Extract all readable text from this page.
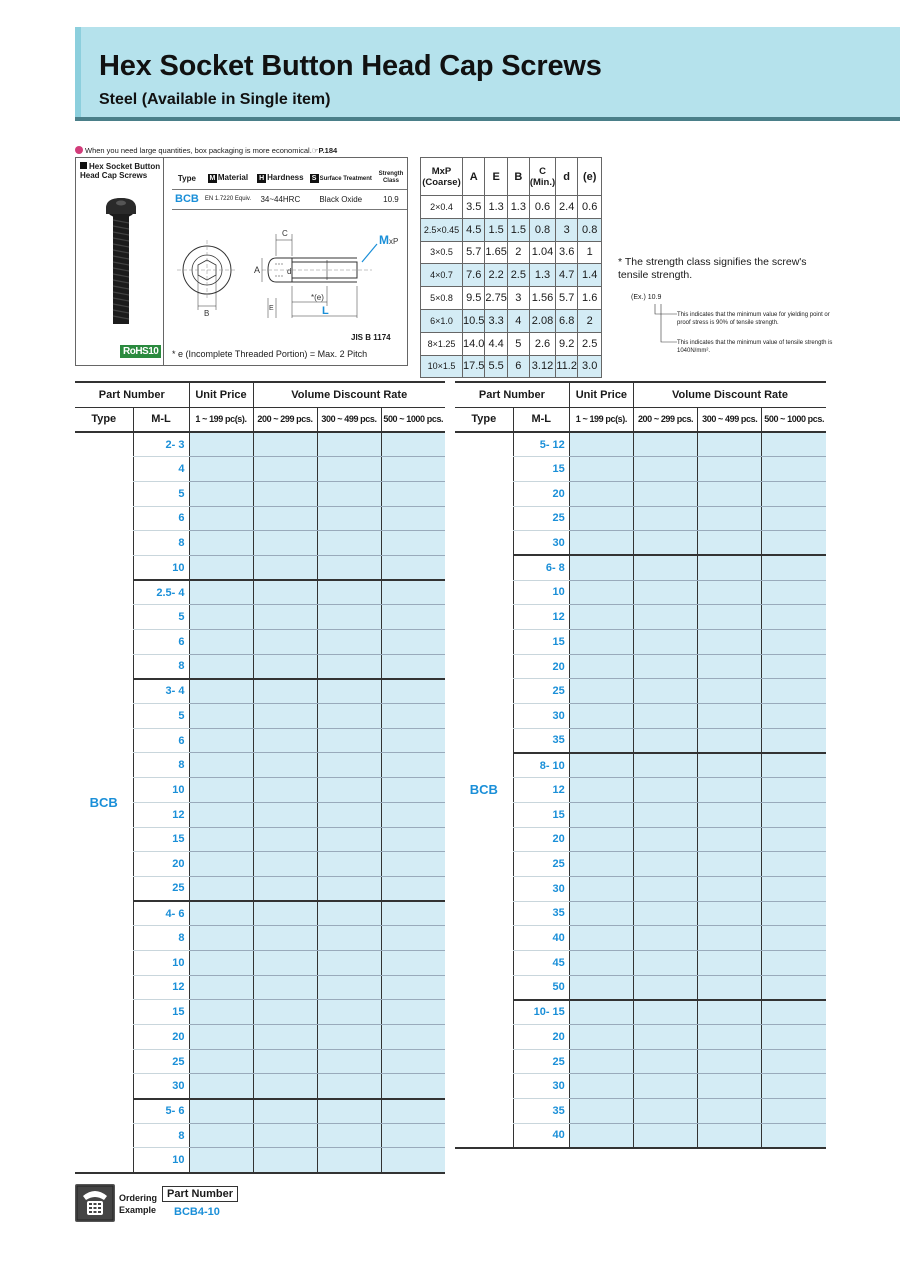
Hex Socket Button Head Cap Screws
Steel (Available in Single item)
When you need large quantities, box packaging is more economical.☞P.184
Hex Socket Button Head Cap Screws
RoHS10
Type	M Material	H Hardness	S Surface Treatment	Strength Class
BCB	EN 1.7220 Equiv.	34~44HRC	Black Oxide	10.9
C	MxP
A	d
B
*(e)
E	L
JIS B 1174
* e (Incomplete Threaded Portion) = Max. 2 Pitch
MxP (Coarse)	A	E	B	C (Min.)	d	(e)
2×0.4	3.5	1.3	1.3	0.6	2.4	0.6
2.5×0.45	4.5	1.5	1.5	0.8	3	0.8
3×0.5	5.7	1.65	2	1.04	3.6	1
4×0.7	7.6	2.2	2.5	1.3	4.7	1.4
5×0.8	9.5	2.75	3	1.56	5.7	1.6
6×1.0	10.5	3.3	4	2.08	6.8	2
8×1.25	14.0	4.4	5	2.6	9.2	2.5
10×1.5	17.5	5.5	6	3.12	11.2	3.0
* The strength class signifies the screw's tensile strength.
(Ex.) 10.9
This indicates that the minimum value for yielding point or proof stress is 90% of tensile strength.
This indicates that the minimum value of tensile strength is 1040N/mm².
Part Number		Unit Price	Volume Discount Rate		
Type	M-L	1 ~ 199 pc(s).	200 ~ 299 pcs.	300 ~ 499 pcs.	500 ~ 1000 pcs.
BCB	2- 3				
	4				
	5				
	6				
	8				
	10				
	2.5- 4				
	5				
	6				
	8				
	3- 4				
	5				
	6				
	8				
	10				
	12				
	15				
	20				
	25				
	4- 6				
	8				
	10				
	12				
	15				
	20				
	25				
	30				
	5- 6				
	8				
	10				
Part Number		Unit Price	Volume Discount Rate		
Type	M-L	1 ~ 199 pc(s).	200 ~ 299 pcs.	300 ~ 499 pcs.	500 ~ 1000 pcs.
BCB	5- 12				
	15				
	20				
	25				
	30				
	6- 8				
	10				
	12				
	15				
	20				
	25				
	30				
	35				
	8- 10				
	12				
	15				
	20				
	25				
	30				
	35				
	40				
	45				
	50				
	10- 15				
	20				
	25				
	30				
	35				
	40				
Ordering Example
Part Number
BCB4-10
